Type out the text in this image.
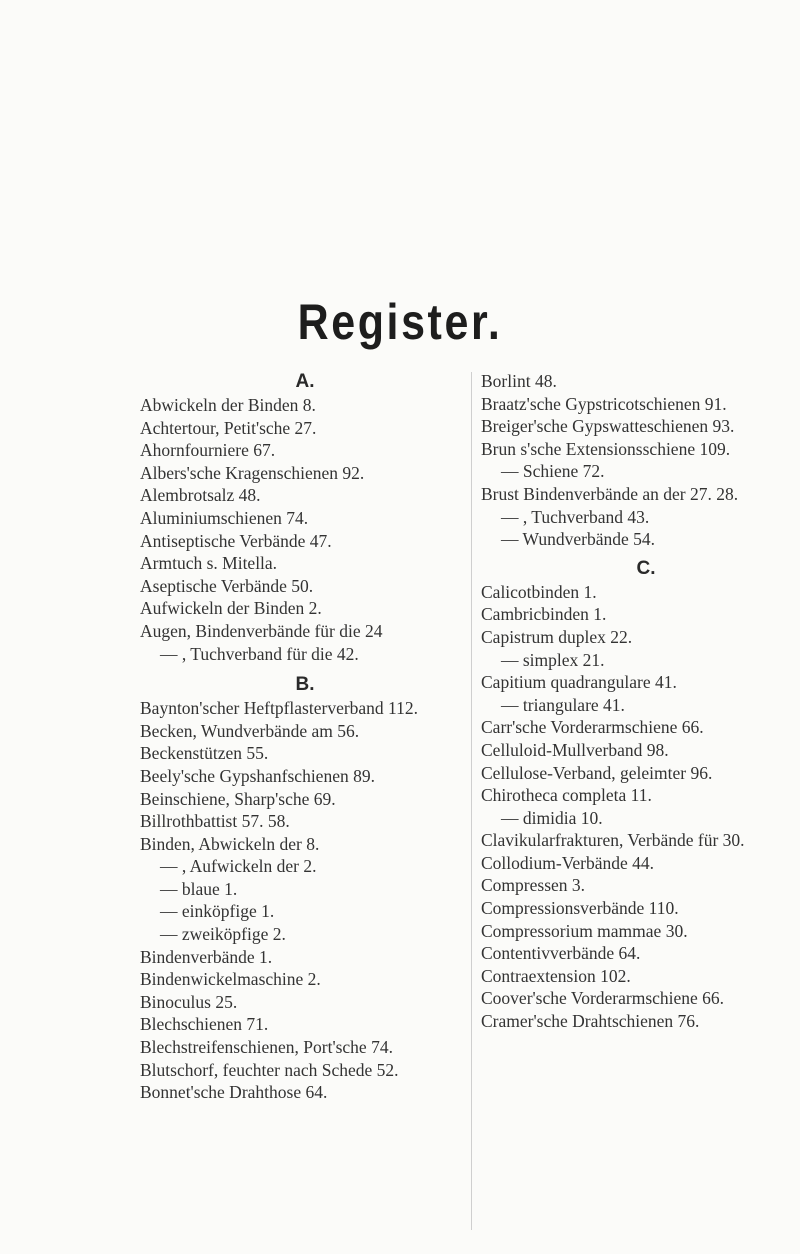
Register.
A.
Abwickeln der Binden 8.
Achtertour, Petit'sche 27.
Ahornfourniere 67.
Albers'sche Kragenschienen 92.
Alembrotsalz 48.
Aluminiumschienen 74.
Antiseptische Verbände 47.
Armtuch s. Mitella.
Aseptische Verbände 50.
Aufwickeln der Binden 2.
Augen, Bindenverbände für die 24
— , Tuchverband für die 42.
B.
Baynton'scher Heftpflasterverband 112.
Becken, Wundverbände am 56.
Beckenstützen 55.
Beely'sche Gypshanfschienen 89.
Beinschiene, Sharp'sche 69.
Billrothbattist 57. 58.
Binden, Abwickeln der 8.
— , Aufwickeln der 2.
— blaue 1.
— einköpfige 1.
— zweiköpfige 2.
Bindenverbände 1.
Bindenwickelmaschine 2.
Binoculus 25.
Blechschienen 71.
Blechstreifenschienen, Port'sche 74.
Blutschorf, feuchter nach Schede 52.
Bonnet'sche Drahthose 64.
Borlint 48.
Braatz'sche Gypstricotschienen 91.
Breiger'sche Gypswatteschienen 93.
Brun s'sche Extensionsschiene 109.
— Schiene 72.
Brust Bindenverbände an der 27. 28.
— , Tuchverband 43.
— Wundverbände 54.
C.
Calicotbinden 1.
Cambricbinden 1.
Capistrum duplex 22.
— simplex 21.
Capitium quadrangulare 41.
— triangulare 41.
Carr'sche Vorderarmschiene 66.
Celluloid-Mullverband 98.
Cellulose-Verband, geleimter 96.
Chirotheca completa 11.
— dimidia 10.
Clavikularfrakturen, Verbände für 30.
Collodium-Verbände 44.
Compressen 3.
Compressionsverbände 110.
Compressorium mammae 30.
Contentivverbände 64.
Contraextension 102.
Coover'sche Vorderarmschiene 66.
Cramer'sche Drahtschienen 76.
